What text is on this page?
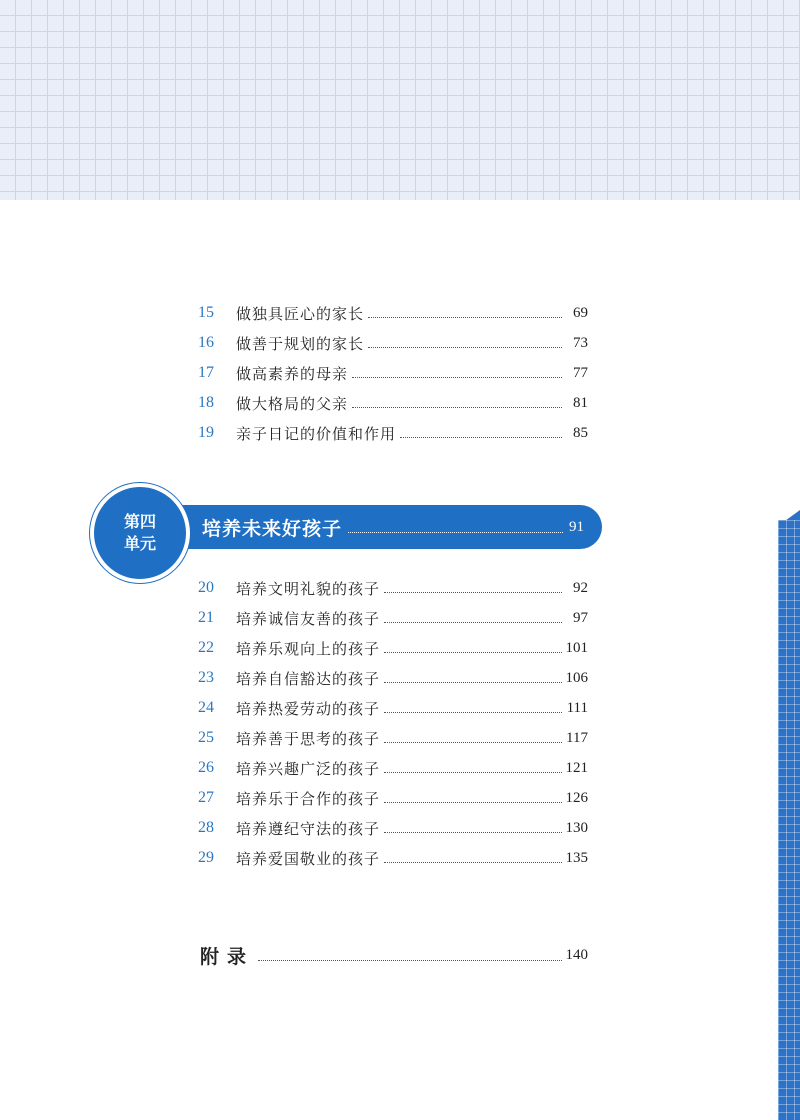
15	做独具匠心的家长	69
16	做善于规划的家长	73
17	做高素养的母亲	77
18	做大格局的父亲	81
19	亲子日记的价值和作用	85
培养未来好孩子	91
第四
单元
20	培养文明礼貌的孩子	92
21	培养诚信友善的孩子	97
22	培养乐观向上的孩子	101
23	培养自信豁达的孩子	106
24	培养热爱劳动的孩子	111
25	培养善于思考的孩子	117
26	培养兴趣广泛的孩子	121
27	培养乐于合作的孩子	126
28	培养遵纪守法的孩子	130
29	培养爱国敬业的孩子	135
附录	140
